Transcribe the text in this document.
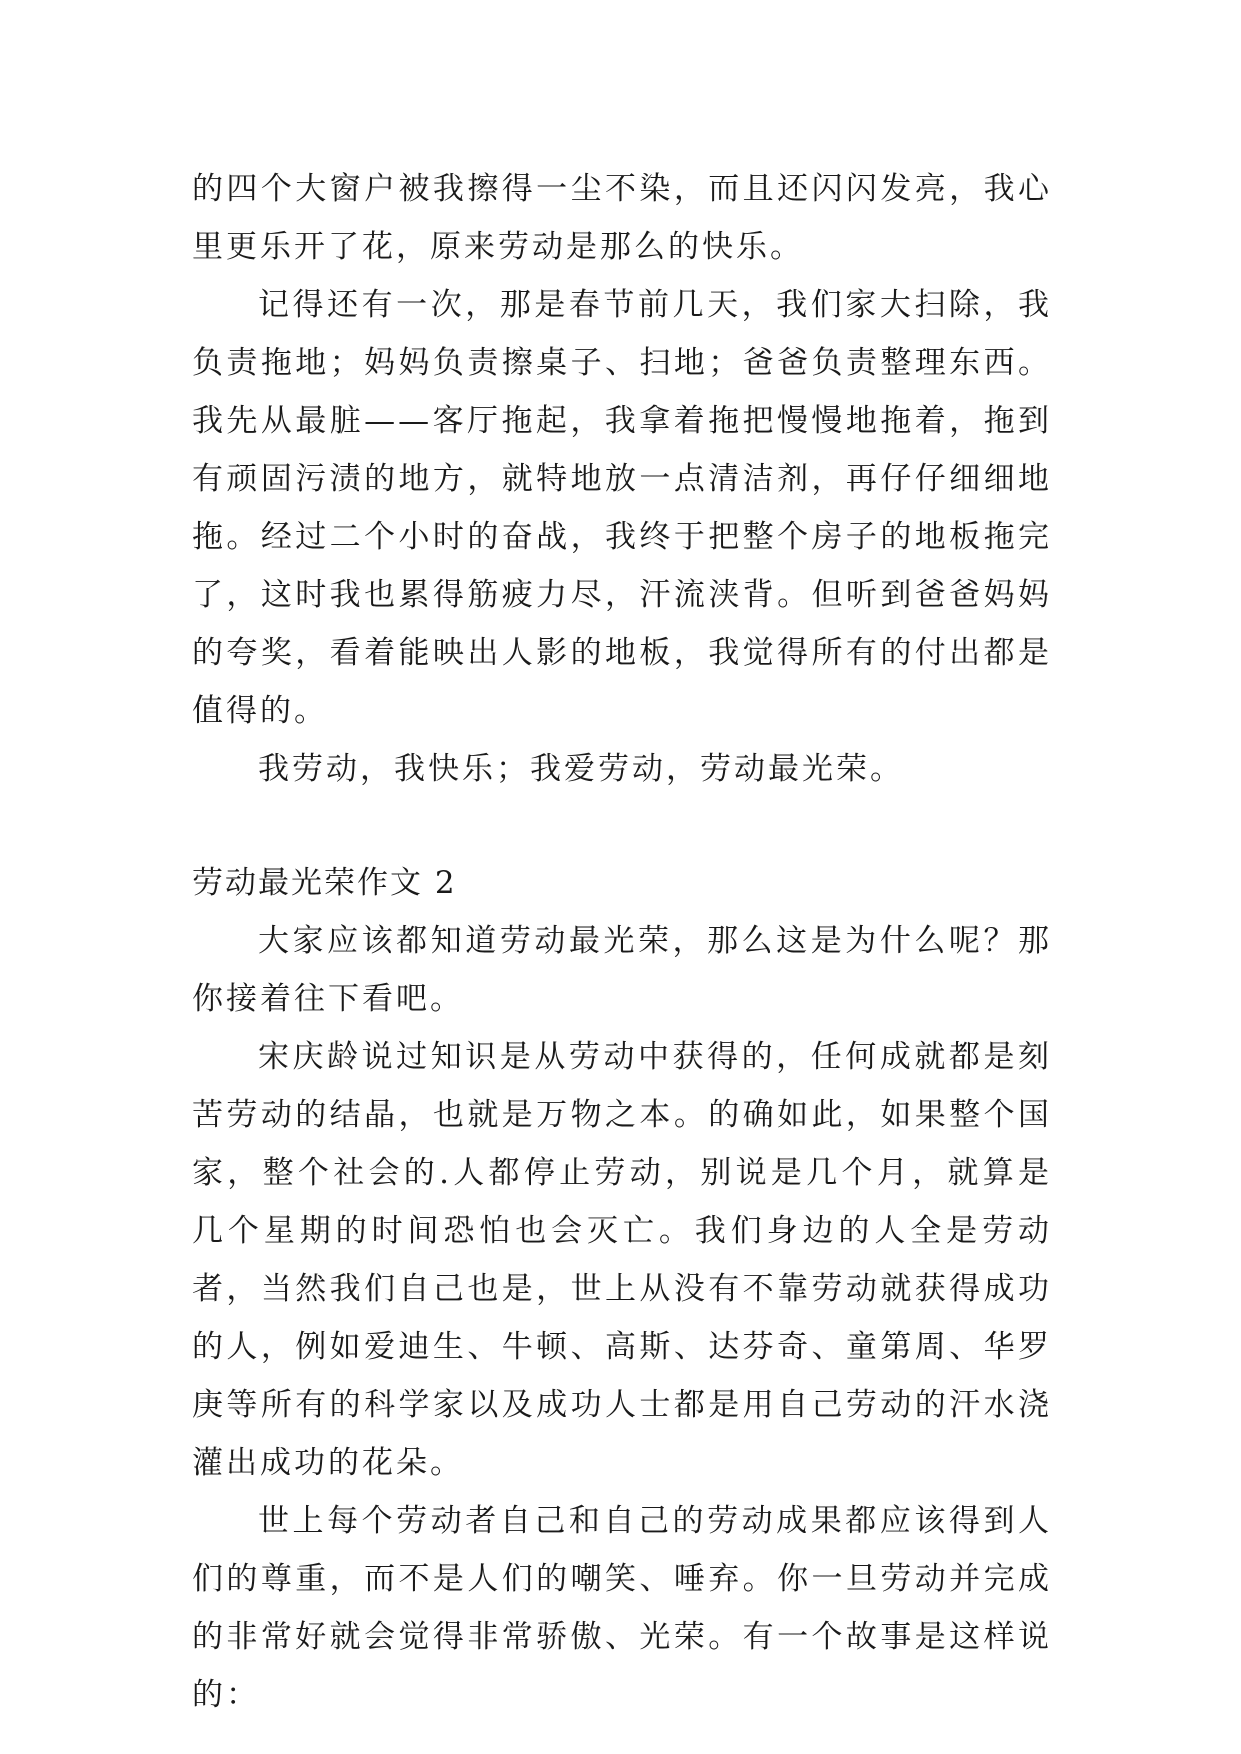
的四个大窗户被我擦得一尘不染，而且还闪闪发亮，我心里更乐开了花，原来劳动是那么的快乐。

记得还有一次，那是春节前几天，我们家大扫除，我负责拖地；妈妈负责擦桌子、扫地；爸爸负责整理东西。我先从最脏——客厅拖起，我拿着拖把慢慢地拖着，拖到有顽固污渍的地方，就特地放一点清洁剂，再仔仔细细地拖。经过二个小时的奋战，我终于把整个房子的地板拖完了，这时我也累得筋疲力尽，汗流浃背。但听到爸爸妈妈的夸奖，看着能映出人影的地板，我觉得所有的付出都是值得的。

我劳动，我快乐；我爱劳动，劳动最光荣。

劳动最光荣作文 2

大家应该都知道劳动最光荣，那么这是为什么呢？那你接着往下看吧。

宋庆龄说过知识是从劳动中获得的，任何成就都是刻苦劳动的结晶，也就是万物之本。的确如此，如果整个国家，整个社会的.人都停止劳动，别说是几个月，就算是几个星期的时间恐怕也会灭亡。我们身边的人全是劳动者，当然我们自己也是，世上从没有不靠劳动就获得成功的人，例如爱迪生、牛顿、高斯、达芬奇、童第周、华罗庚等所有的科学家以及成功人士都是用自己劳动的汗水浇灌出成功的花朵。

世上每个劳动者自己和自己的劳动成果都应该得到人们的尊重，而不是人们的嘲笑、唾弃。你一旦劳动并完成的非常好就会觉得非常骄傲、光荣。有一个故事是这样说的：
